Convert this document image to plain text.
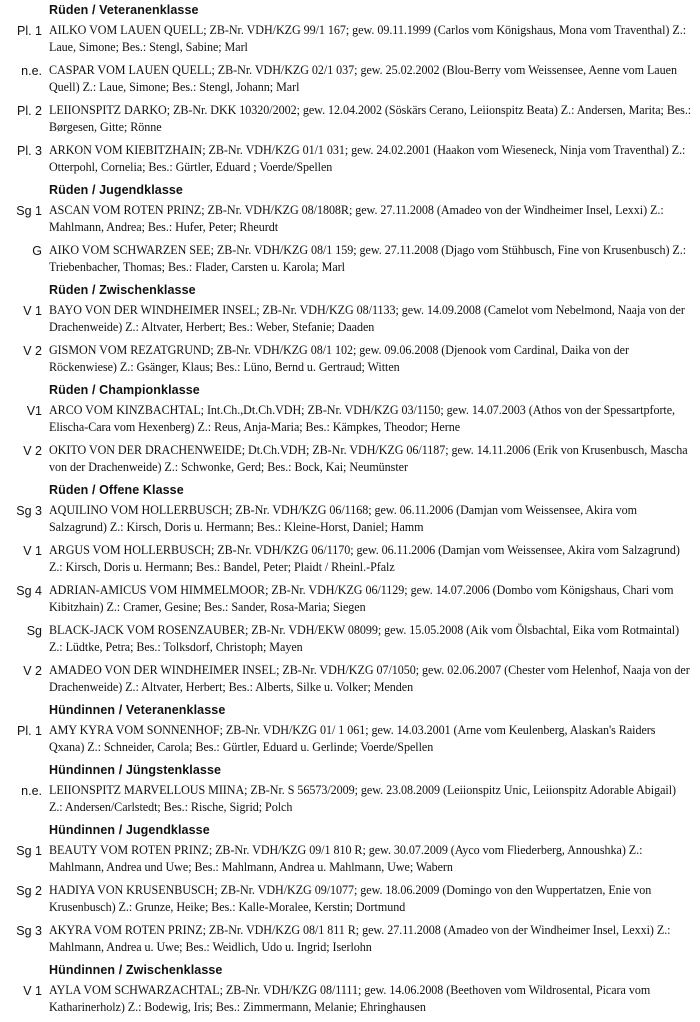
Rüden / Veteranenklasse
Pl. 1 AILKO VOM LAUEN QUELL; ZB-Nr. VDH/KZG 99/1 167; gew. 09.11.1999 (Carlos vom Königshaus, Mona vom Traventhal) Z.: Laue, Simone; Bes.: Stengl, Sabine; Marl
n.e. CASPAR VOM LAUEN QUELL; ZB-Nr. VDH/KZG 02/1 037; gew. 25.02.2002 (Blou-Berry vom Weissensee, Aenne vom Lauen Quell) Z.: Laue, Simone; Bes.: Stengl, Johann; Marl
Pl. 2 LEIIONSPITZ DARKO; ZB-Nr. DKK 10320/2002; gew. 12.04.2002 (Söskärs Cerano, Leiionspitz Beata) Z.: Andersen, Marita; Bes.: Børgesen, Gitte; Rönne
Pl. 3 ARKON VOM KIEBITZHAIN; ZB-Nr. VDH/KZG 01/1 031; gew. 24.02.2001 (Haakon vom Wieseneck, Ninja vom Traventhal) Z.: Otterpohl, Cornelia; Bes.: Gürtler, Eduard ; Voerde/Spellen
Rüden / Jugendklasse
Sg 1 ASCAN VOM ROTEN PRINZ; ZB-Nr. VDH/KZG 08/1808R; gew. 27.11.2008 (Amadeo von der Windheimer Insel, Lexxi) Z.: Mahlmann, Andrea; Bes.: Hufer, Peter; Rheurdt
G AIKO VOM SCHWARZEN SEE; ZB-Nr. VDH/KZG 08/1 159; gew. 27.11.2008 (Djago vom Stühbusch, Fine von Krusenbusch) Z.: Triebenbacher, Thomas; Bes.: Flader, Carsten u. Karola; Marl
Rüden / Zwischenklasse
V 1 BAYO VON DER WINDHEIMER INSEL; ZB-Nr. VDH/KZG 08/1133; gew. 14.09.2008 (Camelot vom Nebelmond, Naaja von der Drachenweide) Z.: Altvater, Herbert; Bes.: Weber, Stefanie; Daaden
V 2 GISMON VOM REZATGRUND; ZB-Nr. VDH/KZG 08/1 102; gew. 09.06.2008 (Djenook vom Cardinal, Daika von der Röckenwiese) Z.: Gsänger, Klaus; Bes.: Lüno, Bernd u. Gertraud; Witten
Rüden / Championklasse
V1 ARCO VOM KINZBACHTAL; Int.Ch.,Dt.Ch.VDH; ZB-Nr. VDH/KZG 03/1150; gew. 14.07.2003 (Athos von der Spessartpforte, Elischa-Cara vom Hexenberg) Z.: Reus, Anja-Maria; Bes.: Kämpkes, Theodor; Herne
V 2 OKITO VON DER DRACHENWEIDE; Dt.Ch.VDH; ZB-Nr. VDH/KZG 06/1187; gew. 14.11.2006 (Erik von Krusenbusch, Mascha von der Drachenweide) Z.: Schwonke, Gerd; Bes.: Bock, Kai; Neumünster
Rüden / Offene Klasse
Sg 3 AQUILINO VOM HOLLERBUSCH; ZB-Nr. VDH/KZG 06/1168; gew. 06.11.2006 (Damjan vom Weissensee, Akira vom Salzagrund) Z.: Kirsch, Doris u. Hermann; Bes.: Kleine-Horst, Daniel; Hamm
V 1 ARGUS VOM HOLLERBUSCH; ZB-Nr. VDH/KZG 06/1170; gew. 06.11.2006 (Damjan vom Weissensee, Akira vom Salzagrund) Z.: Kirsch, Doris u. Hermann; Bes.: Bandel, Peter; Plaidt / Rheinl.-Pfalz
Sg 4 ADRIAN-AMICUS VOM HIMMELMOOR; ZB-Nr. VDH/KZG 06/1129; gew. 14.07.2006 (Dombo vom Königshaus, Chari vom Kibitzhain) Z.: Cramer, Gesine; Bes.: Sander, Rosa-Maria; Siegen
Sg BLACK-JACK VOM ROSENZAUBER; ZB-Nr. VDH/EKW 08099; gew. 15.05.2008 (Aik vom Ölsbachtal, Eika vom Rotmaintal) Z.: Lüdtke, Petra; Bes.: Tolksdorf, Christoph; Mayen
V 2 AMADEO VON DER WINDHEIMER INSEL; ZB-Nr. VDH/KZG 07/1050; gew. 02.06.2007 (Chester vom Helenhof, Naaja von der Drachenweide) Z.: Altvater, Herbert; Bes.: Alberts, Silke u. Volker; Menden
Hündinnen / Veteranenklasse
Pl. 1 AMY KYRA VOM SONNENHOF; ZB-Nr. VDH/KZG 01/ 1 061; gew. 14.03.2001 (Arne vom Keulenberg, Alaskan's Raiders Qxana) Z.: Schneider, Carola; Bes.: Gürtler, Eduard u. Gerlinde; Voerde/Spellen
Hündinnen / Jüngstenklasse
n.e. LEIIONSPITZ MARVELLOUS MIINA; ZB-Nr. S 56573/2009; gew. 23.08.2009 (Leiionspitz Unic, Leiionspitz Adorable Abigail) Z.: Andersen/Carlstedt; Bes.: Rische, Sigrid; Polch
Hündinnen / Jugendklasse
Sg 1 BEAUTY VOM ROTEN PRINZ; ZB-Nr. VDH/KZG 09/1 810 R; gew. 30.07.2009 (Ayco vom Fliederberg, Annoushka) Z.: Mahlmann, Andrea und Uwe; Bes.: Mahlmann, Andrea u. Mahlmann, Uwe; Wabern
Sg 2 HADIYA VON KRUSENBUSCH; ZB-Nr. VDH/KZG 09/1077; gew. 18.06.2009 (Domingo von den Wuppertatzen, Enie von Krusenbusch) Z.: Grunze, Heike; Bes.: Kalle-Moralee, Kerstin; Dortmund
Sg 3 AKYRA VOM ROTEN PRINZ; ZB-Nr. VDH/KZG 08/1 811 R; gew. 27.11.2008 (Amadeo von der Windheimer Insel, Lexxi) Z.: Mahlmann, Andrea u. Uwe; Bes.: Weidlich, Udo u. Ingrid; Iserlohn
Hündinnen / Zwischenklasse
V 1 AYLA VOM SCHWARZACHTAL; ZB-Nr. VDH/KZG 08/1111; gew. 14.06.2008 (Beethoven vom Wildrosental, Picara vom Katharinerholz) Z.: Bodewig, Iris; Bes.: Zimmermann, Melanie; Ehringhausen
